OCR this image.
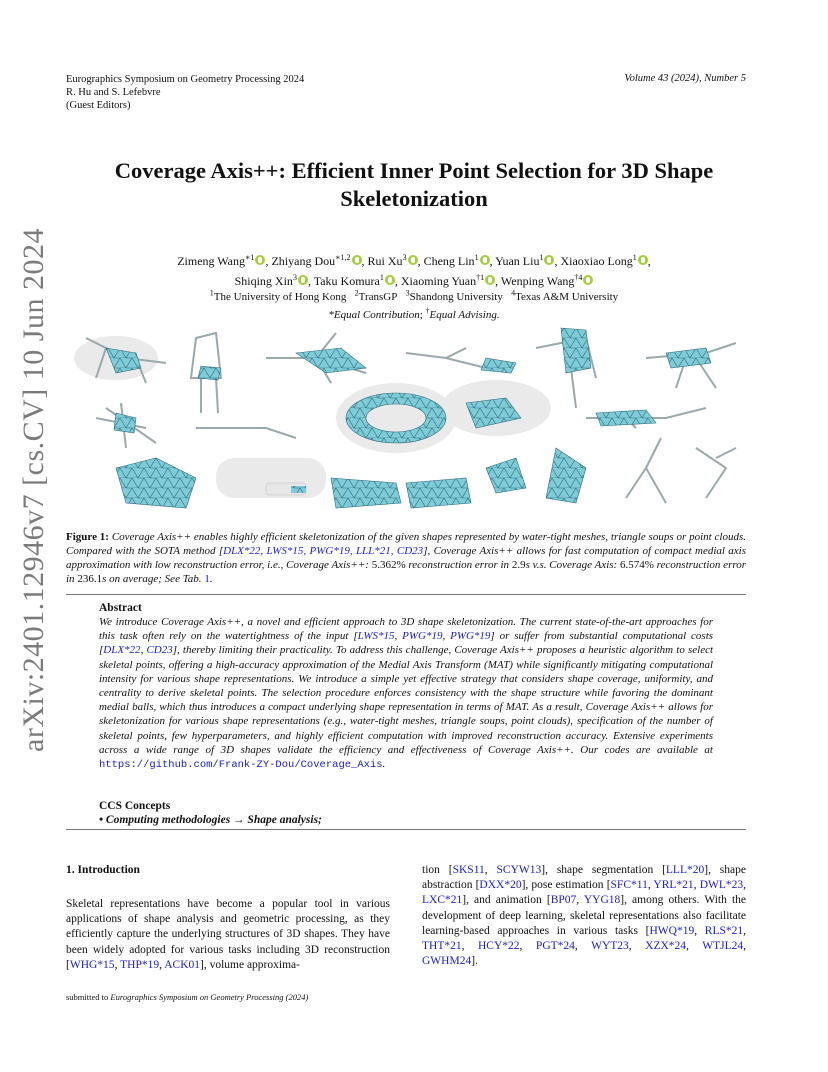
Eurographics Symposium on Geometry Processing 2024
R. Hu and S. Lefebvre
(Guest Editors)
Volume 43 (2024), Number 5
arXiv:2401.12946v7 [cs.CV] 10 Jun 2024
Coverage Axis++: Efficient Inner Point Selection for 3D Shape
Skeletonization
Zimeng Wang$^{∗1}$ , Zhiyang Dou$^{∗1,2}$ , Rui Xu$^3$ , Cheng Lin$^1$ , Yuan Liu$^1$ , Xiaoxiao Long$^1$ ,
Shiqing Xin$^3$ , Taku Komura$^1$ , Xiaoming Yuan$^{\dagger 1}$ , Wenping Wang$^{\dagger 4}$
$^1$The University of Hong Kong $^2$TransGP $^3$Shandong University $^4$Texas A&M University
*Equal Contribution; †Equal Advising.
Figure 1: Coverage Axis++ enables highly efficient skeletonization of the given shapes represented by water-tight meshes, triangle soups or point clouds. Compared with the SOTA method [DLX*22, LWS*15, PWG*19, LLL*21, CD23], Coverage Axis++ allows for fast computation of compact medial axis approximation with low reconstruction error, i.e., Coverage Axis++: 5.362% reconstruction error in 2.9s v.s. Coverage Axis: 6.574% reconstruction error in 236.1s on average; See Tab. 1.
Abstract
We introduce Coverage Axis++, a novel and efficient approach to 3D shape skeletonization. The current state-of-the-art approaches for this task often rely on the watertightness of the input [LWS*15, PWG*19, PWG*19] or suffer from substantial computational costs [DLX*22, CD23], thereby limiting their practicality. To address this challenge, Coverage Axis++ proposes a heuristic algorithm to select skeletal points, offering a high-accuracy approximation of the Medial Axis Transform (MAT) while significantly mitigating computational intensity for various shape representations. We introduce a simple yet effective strategy that considers shape coverage, uniformity, and centrality to derive skeletal points. The selection procedure enforces consistency with the shape structure while favoring the dominant medial balls, which thus introduces a compact underlying shape representation in terms of MAT. As a result, Coverage Axis++ allows for skeletonization for various shape representations (e.g., water-tight meshes, triangle soups, point clouds), specification of the number of skeletal points, few hyperparameters, and highly efficient computation with improved reconstruction accuracy. Extensive experiments across a wide range of 3D shapes validate the efficiency and effectiveness of Coverage Axis++. Our codes are available at https://github.com/Frank-ZY-Dou/Coverage_Axis.
CCS Concepts
• Computing methodologies → Shape analysis;
1. Introduction
Skeletal representations have become a popular tool in various applications of shape analysis and geometric processing, as they efficiently capture the underlying structures of 3D shapes. They have been widely adopted for various tasks including 3D reconstruction [WHG*15, THP*19, ACK01], volume approxima-
tion [SKS11, SCYW13], shape segmentation [LLL*20], shape abstraction [DXX*20], pose estimation [SFC*11, YRL*21, DWL*23, LXC*21], and animation [BP07, YYG18], among others. With the development of deep learning, skeletal representations also facilitate learning-based approaches in various tasks [HWQ*19, RLS*21, THT*21, HCY*22, PGT*24, WYT23, XZX*24, WTJL24, GWHM24].
submitted to Eurographics Symposium on Geometry Processing (2024)
